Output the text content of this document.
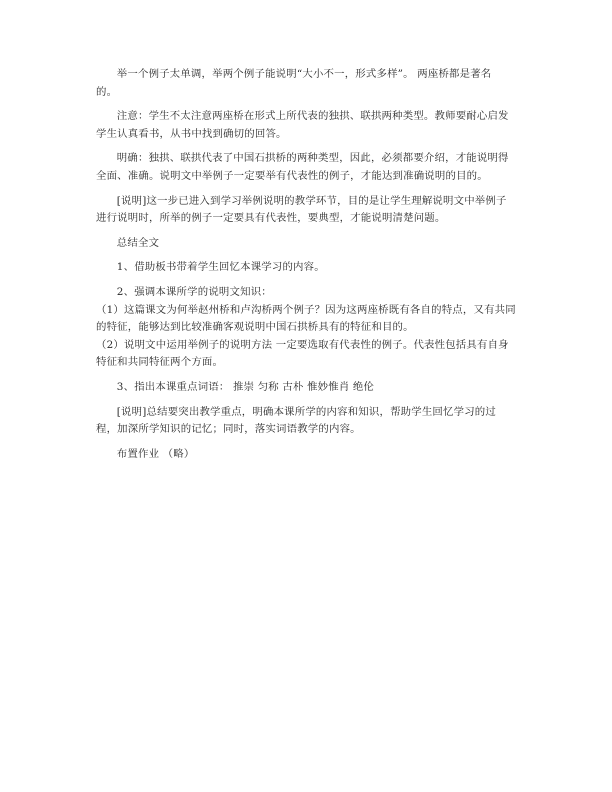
举一个例子太单调，举两个例子能说明“大小不一，形式多样”。 两座桥都是著名
的。

注意：学生不太注意两座桥在形式上所代表的独拱、联拱两种类型。教师要耐心启发
学生认真看书，从书中找到确切的回答。

明确：独拱、联拱代表了中国石拱桥的两种类型，因此，必须都要介绍，才能说明得
全面、准确。说明文中举例子一定要举有代表性的例子，才能达到准确说明的目的。

[说明]这一步已进入到学习举例说明的教学环节，目的是让学生理解说明文中举例子
进行说明时，所举的例子一定要具有代表性，要典型，才能说明清楚问题。

总结全文

1、借助板书带着学生回忆本课学习的内容。

2、强调本课所学的说明文知识：

（1）这篇课文为何举赵州桥和卢沟桥两个例子？因为这两座桥既有各自的特点，又有共同
的特征，能够达到比较准确客观说明中国石拱桥具有的特征和目的。

（2）说明文中运用举例子的说明方法 一定要选取有代表性的例子。代表性包括具有自身
特征和共同特征两个方面。

3、指出本课重点词语： 推崇 匀称 古朴 惟妙惟肖 绝伦

[说明]总结要突出教学重点，明确本课所学的内容和知识，帮助学生回忆学习的过
程，加深所学知识的记忆；同时，落实词语教学的内容。

布置作业 （略）
